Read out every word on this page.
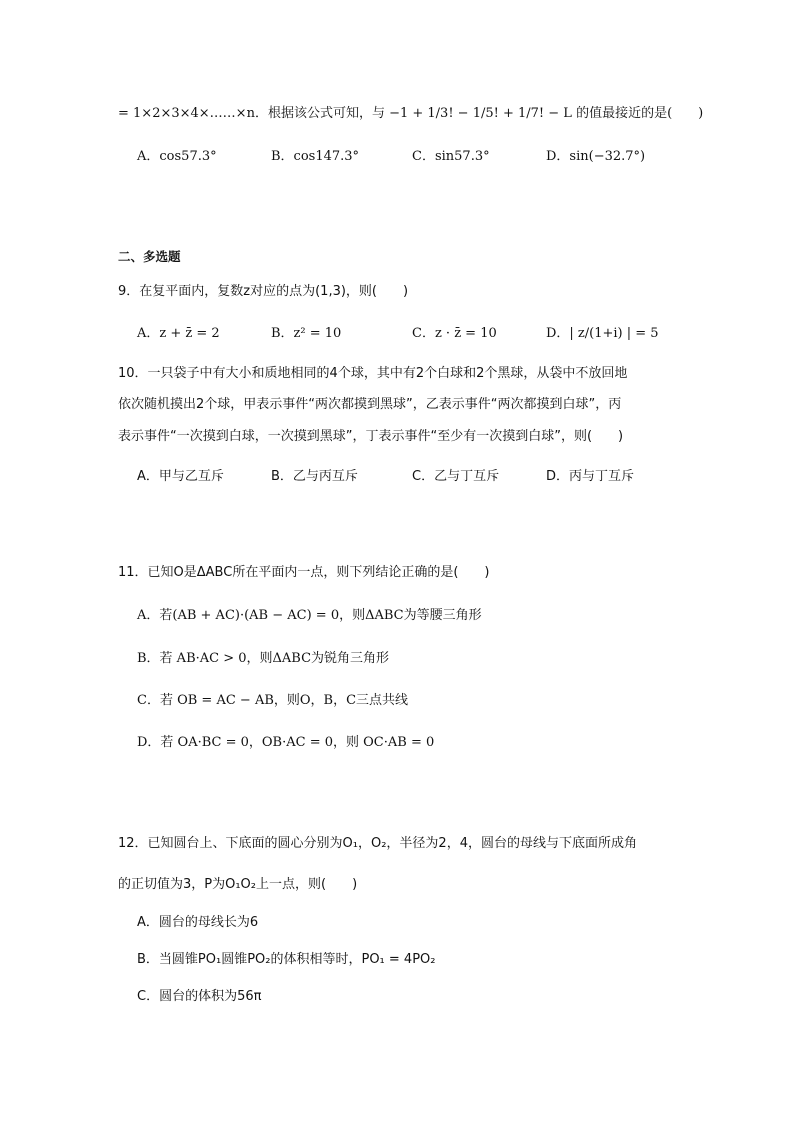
= 1×2×3×4×……×n．根据该公式可知，与 −1 + 1/3! − 1/5! + 1/7! − L 的值最接近的是(　　)
A．cos57.3°	B．cos147.3°	C．sin57.3°	D．sin(−32.7°)
二、多选题
9．在复平面内，复数z对应的点为(1,3)，则(　　)
A．z + z̄ = 2	B．z² = 10	C．z · z̄ = 10	D．| z/(1+i) | = 5
10．一只袋子中有大小和质地相同的4个球，其中有2个白球和2个黑球，从袋中不放回地
依次随机摸出2个球，甲表示事件“两次都摸到黑球”，乙表示事件“两次都摸到白球”，丙
表示事件“一次摸到白球，一次摸到黑球”，丁表示事件“至少有一次摸到白球”，则(　　)
A．甲与乙互斥	B．乙与丙互斥	C．乙与丁互斥	D．丙与丁互斥
11．已知O是ΔABC所在平面内一点，则下列结论正确的是(　　)
A．若(AB + AC)·(AB − AC) = 0，则ΔABC为等腰三角形
B．若 AB·AC > 0，则ΔABC为锐角三角形
C．若 OB = AC − AB，则O，B，C三点共线
D．若 OA·BC = 0，OB·AC = 0，则 OC·AB = 0
12．已知圆台上、下底面的圆心分别为O₁，O₂，半径为2，4，圆台的母线与下底面所成角
的正切值为3，P为O₁O₂上一点，则(　　)
A．圆台的母线长为6
B．当圆锥PO₁圆锥PO₂的体积相等时，PO₁ = 4PO₂
C．圆台的体积为56π
